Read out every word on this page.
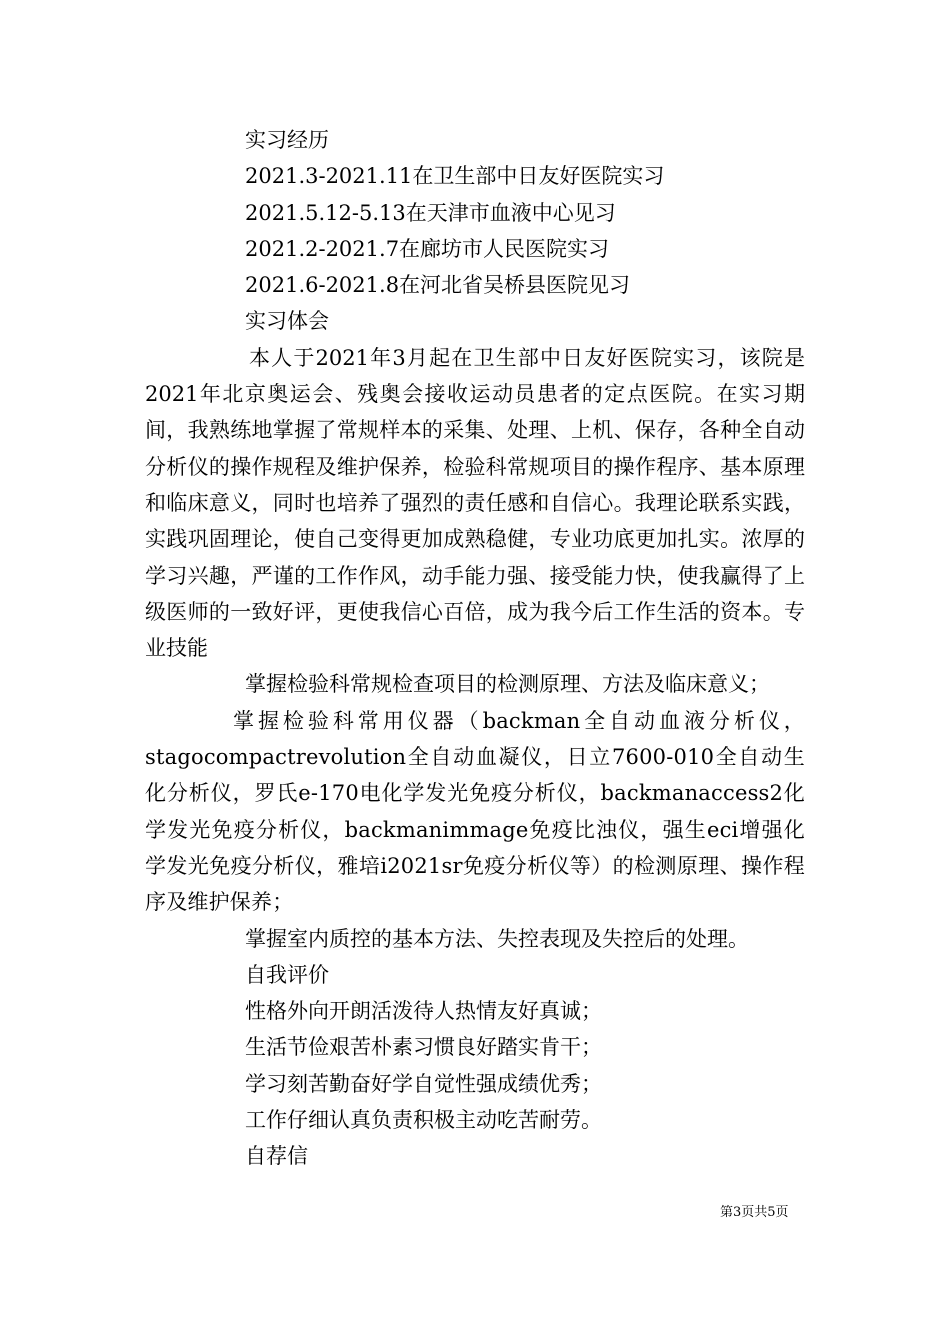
实习经历
2021.3-2021.11在卫生部中日友好医院实习
2021.5.12-5.13在天津市血液中心见习
2021.2-2021.7在廊坊市人民医院实习
2021.6-2021.8在河北省吴桥县医院见习
实习体会

本人于2021年3月起在卫生部中日友好医院实习，该院是2021年北京奥运会、残奥会接收运动员患者的定点医院。在实习期间，我熟练地掌握了常规样本的采集、处理、上机、保存，各种全自动分析仪的操作规程及维护保养，检验科常规项目的操作程序、基本原理和临床意义，同时也培养了强烈的责任感和自信心。我理论联系实践，实践巩固理论，使自己变得更加成熟稳健，专业功底更加扎实。浓厚的学习兴趣，严谨的工作作风，动手能力强、接受能力快，使我赢得了上级医师的一致好评，更使我信心百倍，成为我今后工作生活的资本。专业技能

掌握检验科常规检查项目的检测原理、方法及临床意义；

掌握检验科常用仪器（backman全自动血液分析仪，stagocompactrevolution全自动血凝仪，日立7600-010全自动生化分析仪，罗氏e-170电化学发光免疫分析仪，backmanaccess2化学发光免疫分析仪，backmanimmage免疫比浊仪，强生eci增强化学发光免疫分析仪，雅培i2021sr免疫分析仪等）的检测原理、操作程序及维护保养；

掌握室内质控的基本方法、失控表现及失控后的处理。
自我评价
性格外向开朗活泼待人热情友好真诚；
生活节俭艰苦朴素习惯良好踏实肯干；
学习刻苦勤奋好学自觉性强成绩优秀；
工作仔细认真负责积极主动吃苦耐劳。
自荐信
第3页共5页
